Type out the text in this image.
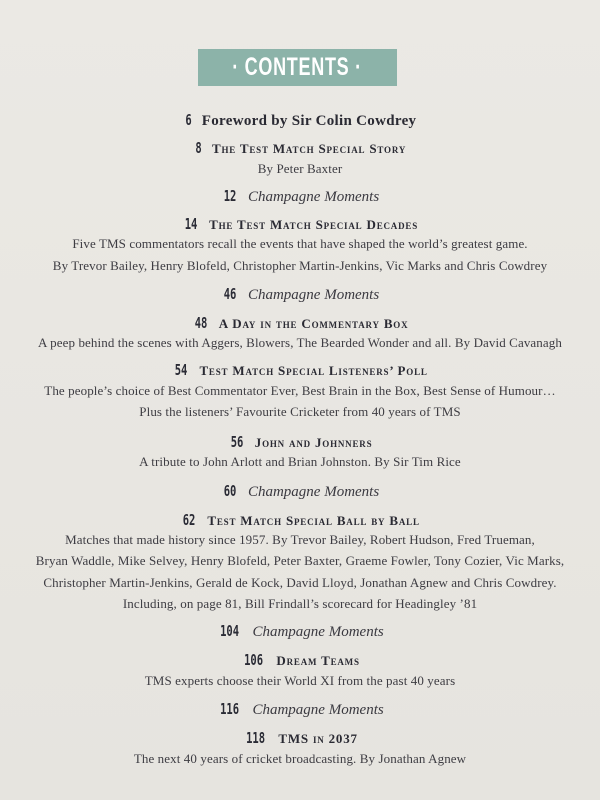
· CONTENTS ·
6 Foreword by Sir Colin Cowdrey
8 The Test Match Special Story
By Peter Baxter
12 Champagne Moments
14 The Test Match Special Decades
Five TMS commentators recall the events that have shaped the world’s greatest game.
By Trevor Bailey, Henry Blofeld, Christopher Martin-Jenkins, Vic Marks and Chris Cowdrey
46 Champagne Moments
48 A Day in the Commentary Box
A peep behind the scenes with Aggers, Blowers, The Bearded Wonder and all. By David Cavanagh
54 Test Match Special Listeners’ Poll
The people’s choice of Best Commentator Ever, Best Brain in the Box, Best Sense of Humour…
Plus the listeners’ Favourite Cricketer from 40 years of TMS
56 John and Johnners
A tribute to John Arlott and Brian Johnston. By Sir Tim Rice
60 Champagne Moments
62 Test Match Special Ball by Ball
Matches that made history since 1957. By Trevor Bailey, Robert Hudson, Fred Trueman,
Bryan Waddle, Mike Selvey, Henry Blofeld, Peter Baxter, Graeme Fowler, Tony Cozier, Vic Marks,
Christopher Martin-Jenkins, Gerald de Kock, David Lloyd, Jonathan Agnew and Chris Cowdrey.
Including, on page 81, Bill Frindall’s scorecard for Headingley ’81
104 Champagne Moments
106 Dream Teams
TMS experts choose their World XI from the past 40 years
116 Champagne Moments
118 TMS in 2037
The next 40 years of cricket broadcasting. By Jonathan Agnew
